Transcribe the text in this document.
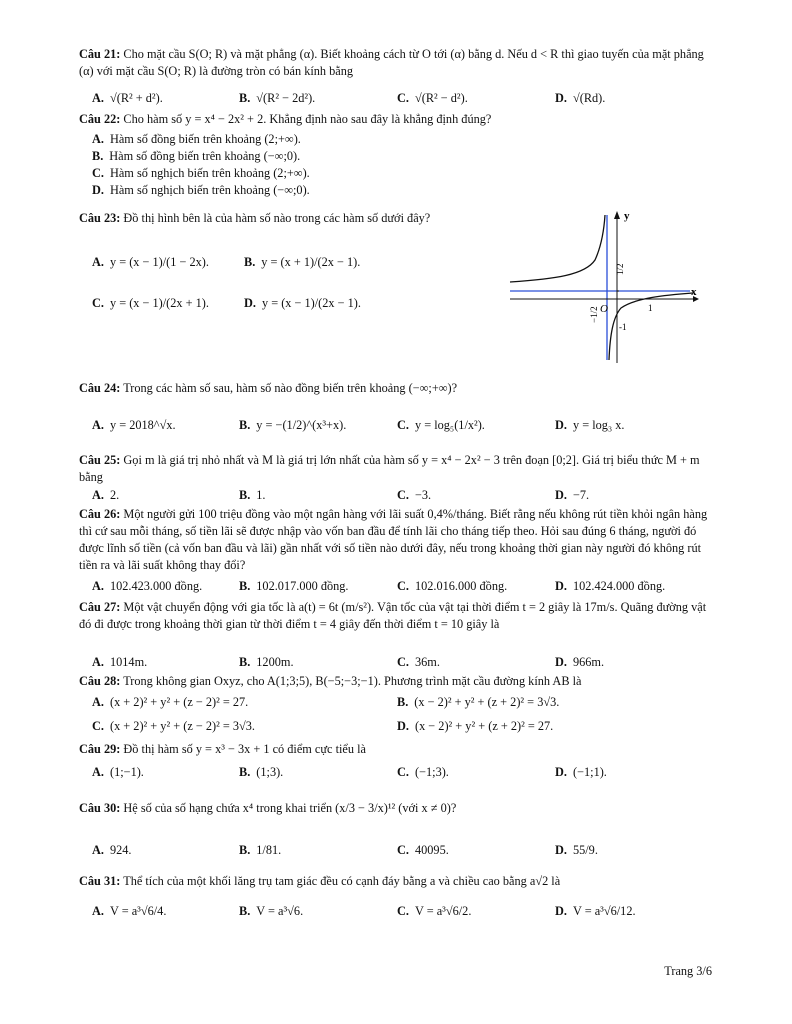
Câu 21: Cho mặt cầu S(O; R) và mặt phẳng (α). Biết khoảng cách từ O tới (α) bằng d. Nếu d < R thì giao tuyến của mặt phẳng (α) với mặt cầu S(O; R) là đường tròn có bán kính bằng
A. √(R² + d²).	B. √(R² − 2d²).	C. √(R² − d²).	D. √(Rd).
Câu 22: Cho hàm số y = x⁴ − 2x² + 2. Khẳng định nào sau đây là khẳng định đúng?
A. Hàm số đồng biến trên khoảng (2;+∞).
B. Hàm số đồng biến trên khoảng (−∞;0).
C. Hàm số nghịch biến trên khoảng (2;+∞).
D. Hàm số nghịch biến trên khoảng (−∞;0).
Câu 23: Đồ thị hình bên là của hàm số nào trong các hàm số dưới đây?
A. y = (x − 1)/(1 − 2x).	B. y = (x + 1)/(2x − 1).
C. y = (x − 1)/(2x + 1).	D. y = (x − 1)/(2x − 1).
y
x
O
1/2
−1/2	1
-1
Câu 24: Trong các hàm số sau, hàm số nào đồng biến trên khoảng (−∞;+∞)?
A. y = 2018^√x.	B. y = −(1/2)^(x³+x).	C. y = log₅(1/x²).	D. y = log₃ x.
Câu 25: Gọi m là giá trị nhỏ nhất và M là giá trị lớn nhất của hàm số y = x⁴ − 2x² − 3 trên đoạn [0;2]. Giá trị biểu thức M + m bằng
A. 2.	B. 1.	C. −3.	D. −7.
Câu 26: Một người gửi 100 triệu đồng vào một ngân hàng với lãi suất 0,4%/tháng. Biết rằng nếu không rút tiền khỏi ngân hàng thì cứ sau mỗi tháng, số tiền lãi sẽ được nhập vào vốn ban đầu để tính lãi cho tháng tiếp theo. Hỏi sau đúng 6 tháng, người đó được lĩnh số tiền (cả vốn ban đầu và lãi) gần nhất với số tiền nào dưới đây, nếu trong khoảng thời gian này người đó không rút tiền ra và lãi suất không thay đổi?
A. 102.423.000 đồng.	B. 102.017.000 đồng.	C. 102.016.000 đồng.	D. 102.424.000 đồng.
Câu 27: Một vật chuyển động với gia tốc là a(t) = 6t (m/s²). Vận tốc của vật tại thời điểm t = 2 giây là 17m/s. Quãng đường vật đó đi được trong khoảng thời gian từ thời điểm t = 4 giây đến thời điểm t = 10 giây là
A. 1014m.	B. 1200m.	C. 36m.	D. 966m.
Câu 28: Trong không gian Oxyz, cho A(1;3;5), B(−5;−3;−1). Phương trình mặt cầu đường kính AB là
A. (x + 2)² + y² + (z − 2)² = 27.	B. (x − 2)² + y² + (z + 2)² = 3√3.
C. (x + 2)² + y² + (z − 2)² = 3√3.	D. (x − 2)² + y² + (z + 2)² = 27.
Câu 29: Đồ thị hàm số y = x³ − 3x + 1 có điểm cực tiểu là
A. (1;−1).	B. (1;3).	C. (−1;3).	D. (−1;1).
Câu 30: Hệ số của số hạng chứa x⁴ trong khai triển (x/3 − 3/x)¹² (với x ≠ 0)?
A. 924.	B. 1/81.	C. 40095.	D. 55/9.
Câu 31: Thể tích của một khối lăng trụ tam giác đều có cạnh đáy bằng a và chiều cao bằng a√2 là
A. V = a³√6/4.	B. V = a³√6.	C. V = a³√6/2.	D. V = a³√6/12.
Trang 3/6
